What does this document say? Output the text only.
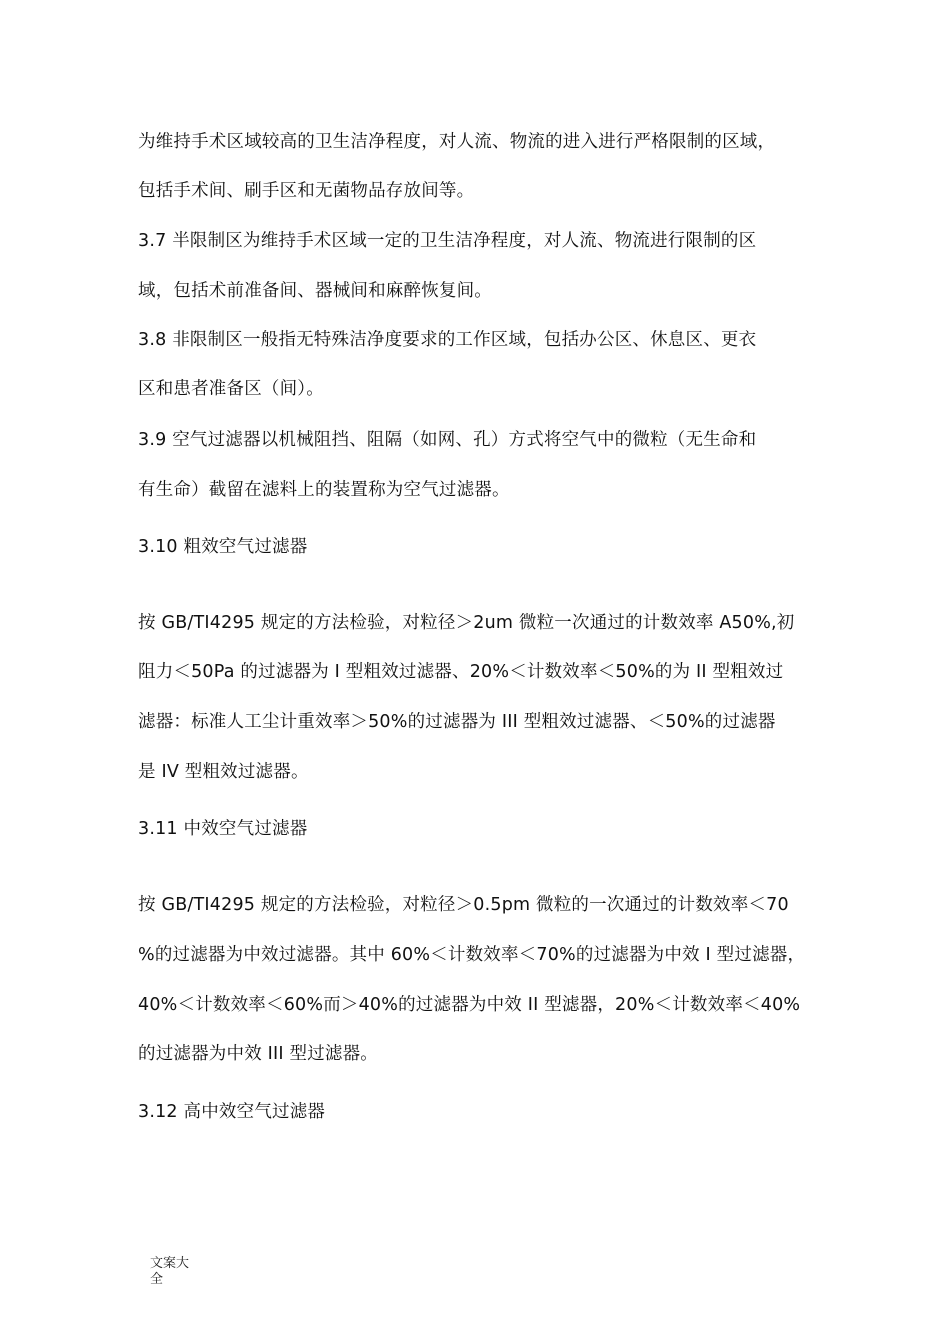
为维持手术区域较高的卫生洁净程度，对人流、物流的进入进行严格限制的区域，
包括手术间、刷手区和无菌物品存放间等。
3.7 半限制区为维持手术区域一定的卫生洁净程度，对人流、物流进行限制的区
域，包括术前准备间、器械间和麻醉恢复间。
3.8 非限制区一般指无特殊洁净度要求的工作区域，包括办公区、休息区、更衣
区和患者准备区（间）。
3.9 空气过滤器以机械阻挡、阻隔（如网、孔）方式将空气中的微粒（无生命和
有生命）截留在滤料上的装置称为空气过滤器。
3.10 粗效空气过滤器
按 GB/TI4295 规定的方法检验，对粒径＞2um 微粒一次通过的计数效率 A50%,初
阻力＜50Pa 的过滤器为 I 型粗效过滤器、20%＜计数效率＜50%的为 II 型粗效过
滤器：标准人工尘计重效率＞50%的过滤器为 III 型粗效过滤器、＜50%的过滤器
是 IV 型粗效过滤器。
3.11 中效空气过滤器
按 GB/TI4295 规定的方法检验，对粒径＞0.5pm 微粒的一次通过的计数效率＜70
%的过滤器为中效过滤器。其中 60%＜计数效率＜70%的过滤器为中效 I 型过滤器，
40%＜计数效率＜60%而＞40%的过滤器为中效 II 型滤器，20%＜计数效率＜40%
的过滤器为中效 III 型过滤器。
3.12 高中效空气过滤器
文案大全
